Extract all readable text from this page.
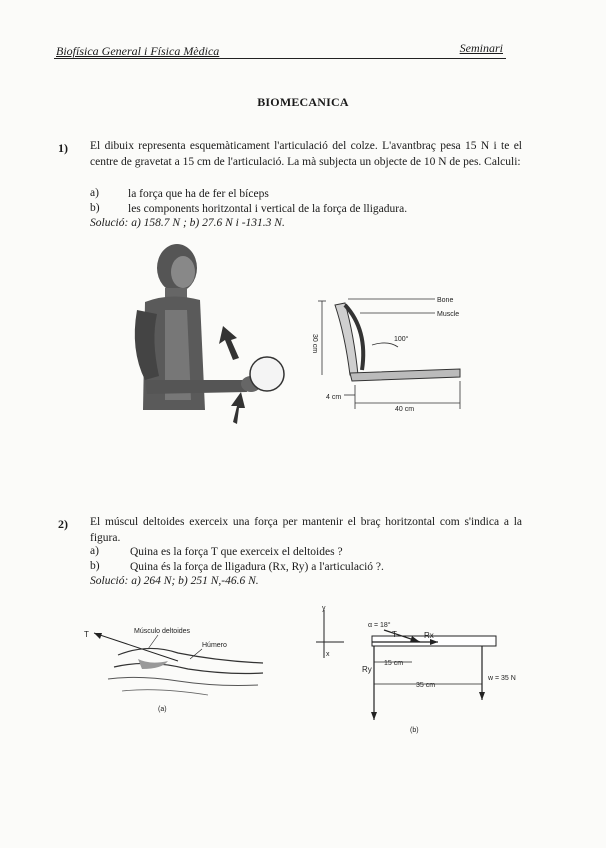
Biofísica General i Física Mèdica	Seminari
BIOMECANICA
1) El dibuix representa esquemàticament l'articulació del colze. L'avantbraç pesa 15 N i te el centre de gravetat a 15 cm de l'articulació. La mà subjecta un objecte de 10 N de pes. Calculi:
a)	la força que ha de fer el bíceps
b) les components horitzontal i vertical de la força de lligadura.
Solució: a) 158.7 N ; b) 27.6 N i -131.3 N.
Bone
Muscle
100°
30 cm
4 cm
40 cm
2) El múscul deltoides exerceix una força per mantenir el braç horitzontal com s'indica a la figura.
a)	Quina es la força T que exerceix el deltoides ?
b)	Quina és la força de lligadura (Rx, Ry) a l'articulació ?.
Solució: a) 264 N; b) 251 N,-46.6 N.
T	Músculo deltoides
Húmero
(a)
y
x
α = 18°
T	Rx
Ry
w = 35 N
15 cm
35 cm
(b)
